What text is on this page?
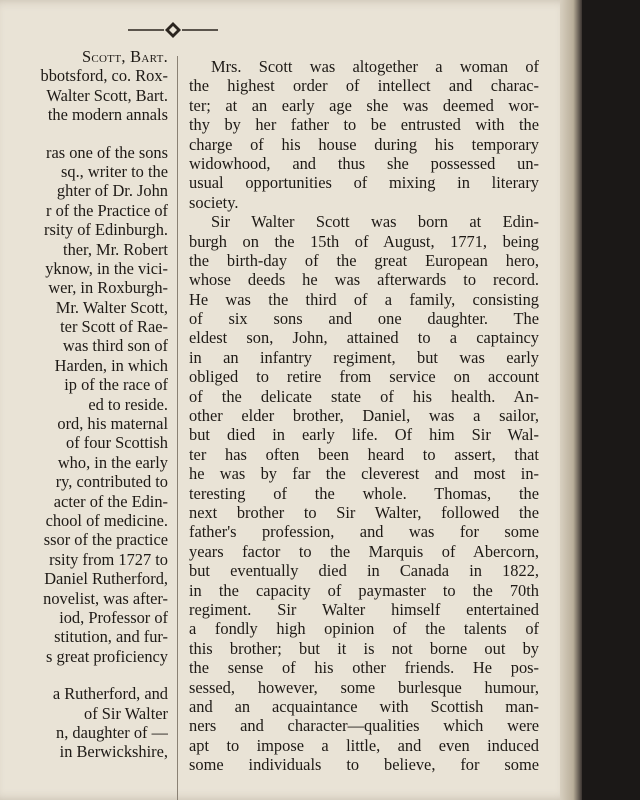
Scott, Bart.
bbotsford, co. Rox-
Walter Scott, Bart.
the modern annals
ras one of the sons
sq., writer to the
ghter of Dr. John
r of the Practice of
rsity of Edinburgh.
ther, Mr. Robert
yknow, in the vici-
wer, in Roxburgh-
Mr. Walter Scott,
ter Scott of Rae-
was third son of
Harden, in which
ip of the race of
ed to reside.
ord, his maternal
of four Scottish
who, in the early
ry, contributed to
acter of the Edin-
chool of medicine.
ssor of the practice
rsity from 1727 to
Daniel Rutherford,
novelist, was after-
iod, Professor of
stitution, and fur-
s great proficiency
a Rutherford, and
of Sir Walter
n, daughter of —
in Berwickshire,
Mrs. Scott was altogether a woman of
the highest order of intellect and charac-
ter; at an early age she was deemed wor-
thy by her father to be entrusted with the
charge of his house during his temporary
widowhood, and thus she possessed un-
usual opportunities of mixing in literary
society.
Sir Walter Scott was born at Edin-
burgh on the 15th of August, 1771, being
the birth-day of the great European hero,
whose deeds he was afterwards to record.
He was the third of a family, consisting
of six sons and one daughter. The
eldest son, John, attained to a captaincy
in an infantry regiment, but was early
obliged to retire from service on account
of the delicate state of his health. An-
other elder brother, Daniel, was a sailor,
but died in early life. Of him Sir Wal-
ter has often been heard to assert, that
he was by far the cleverest and most in-
teresting of the whole. Thomas, the
next brother to Sir Walter, followed the
father's profession, and was for some
years factor to the Marquis of Abercorn,
but eventually died in Canada in 1822,
in the capacity of paymaster to the 70th
regiment. Sir Walter himself entertained
a fondly high opinion of the talents of
this brother; but it is not borne out by
the sense of his other friends. He pos-
sessed, however, some burlesque humour,
and an acquaintance with Scottish man-
ners and character—qualities which were
apt to impose a little, and even induced
some individuals to believe, for some
